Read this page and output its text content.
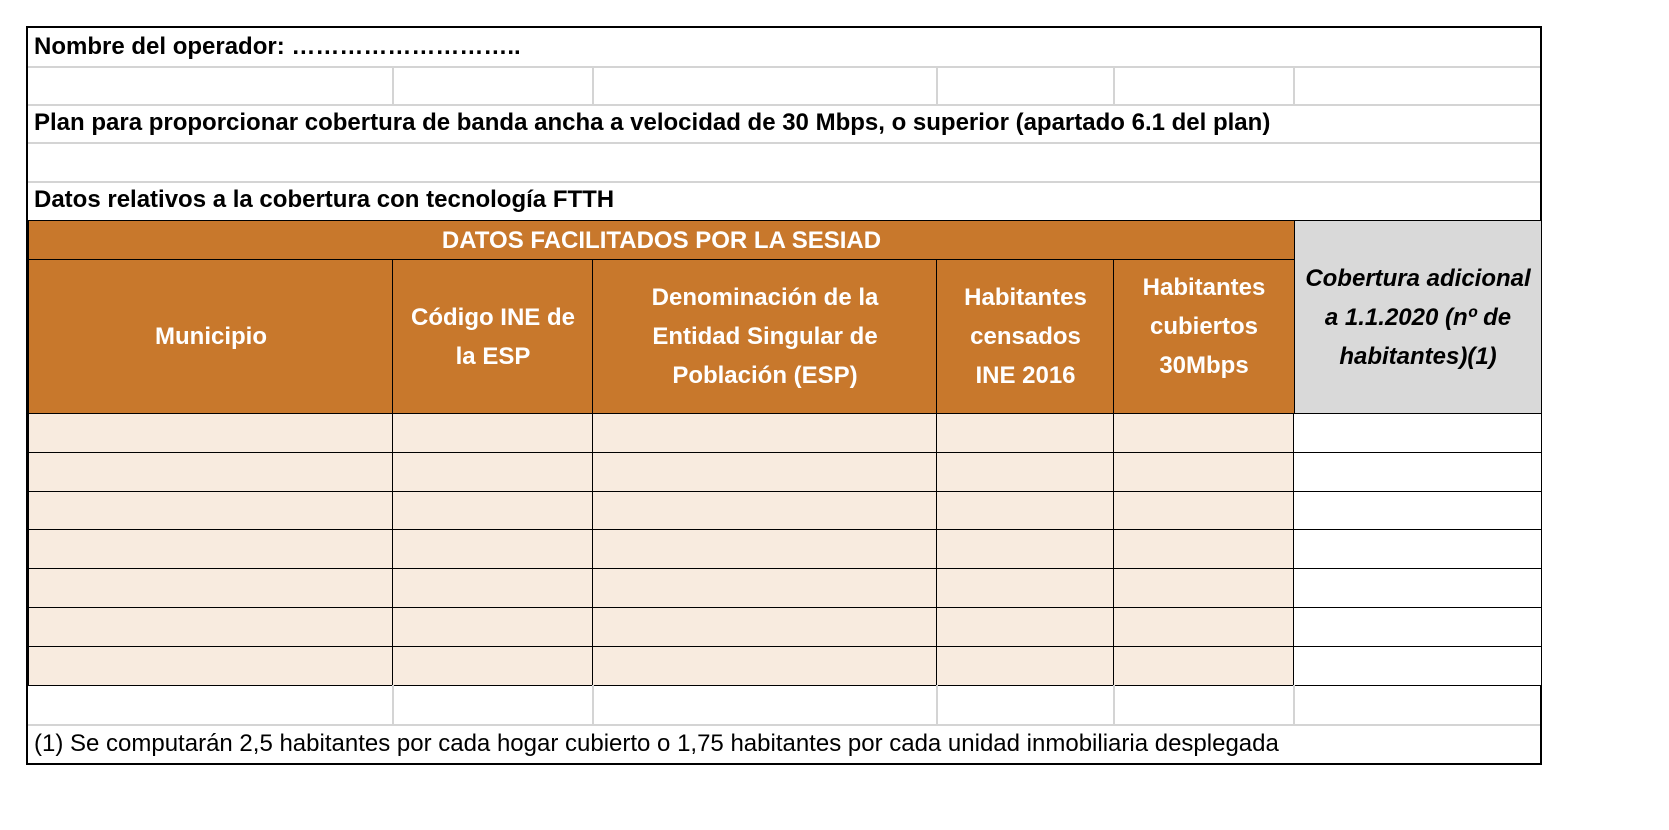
Nombre del operador: ………………………..
Plan para proporcionar cobertura de banda ancha a velocidad de 30 Mbps, o superior (apartado 6.1 del plan)
Datos relativos a la cobertura con tecnología FTTH
DATOS FACILITADOS POR LA SESIAD
Cobertura adicional a 1.1.2020 (nº de habitantes)(1)
Municipio
Código INE de la ESP
Denominación de la Entidad Singular de Población (ESP)
Habitantes censados INE 2016
Habitantes cubiertos 30Mbps
(1) Se computarán 2,5 habitantes por cada hogar cubierto o 1,75 habitantes por cada unidad inmobiliaria desplegada
